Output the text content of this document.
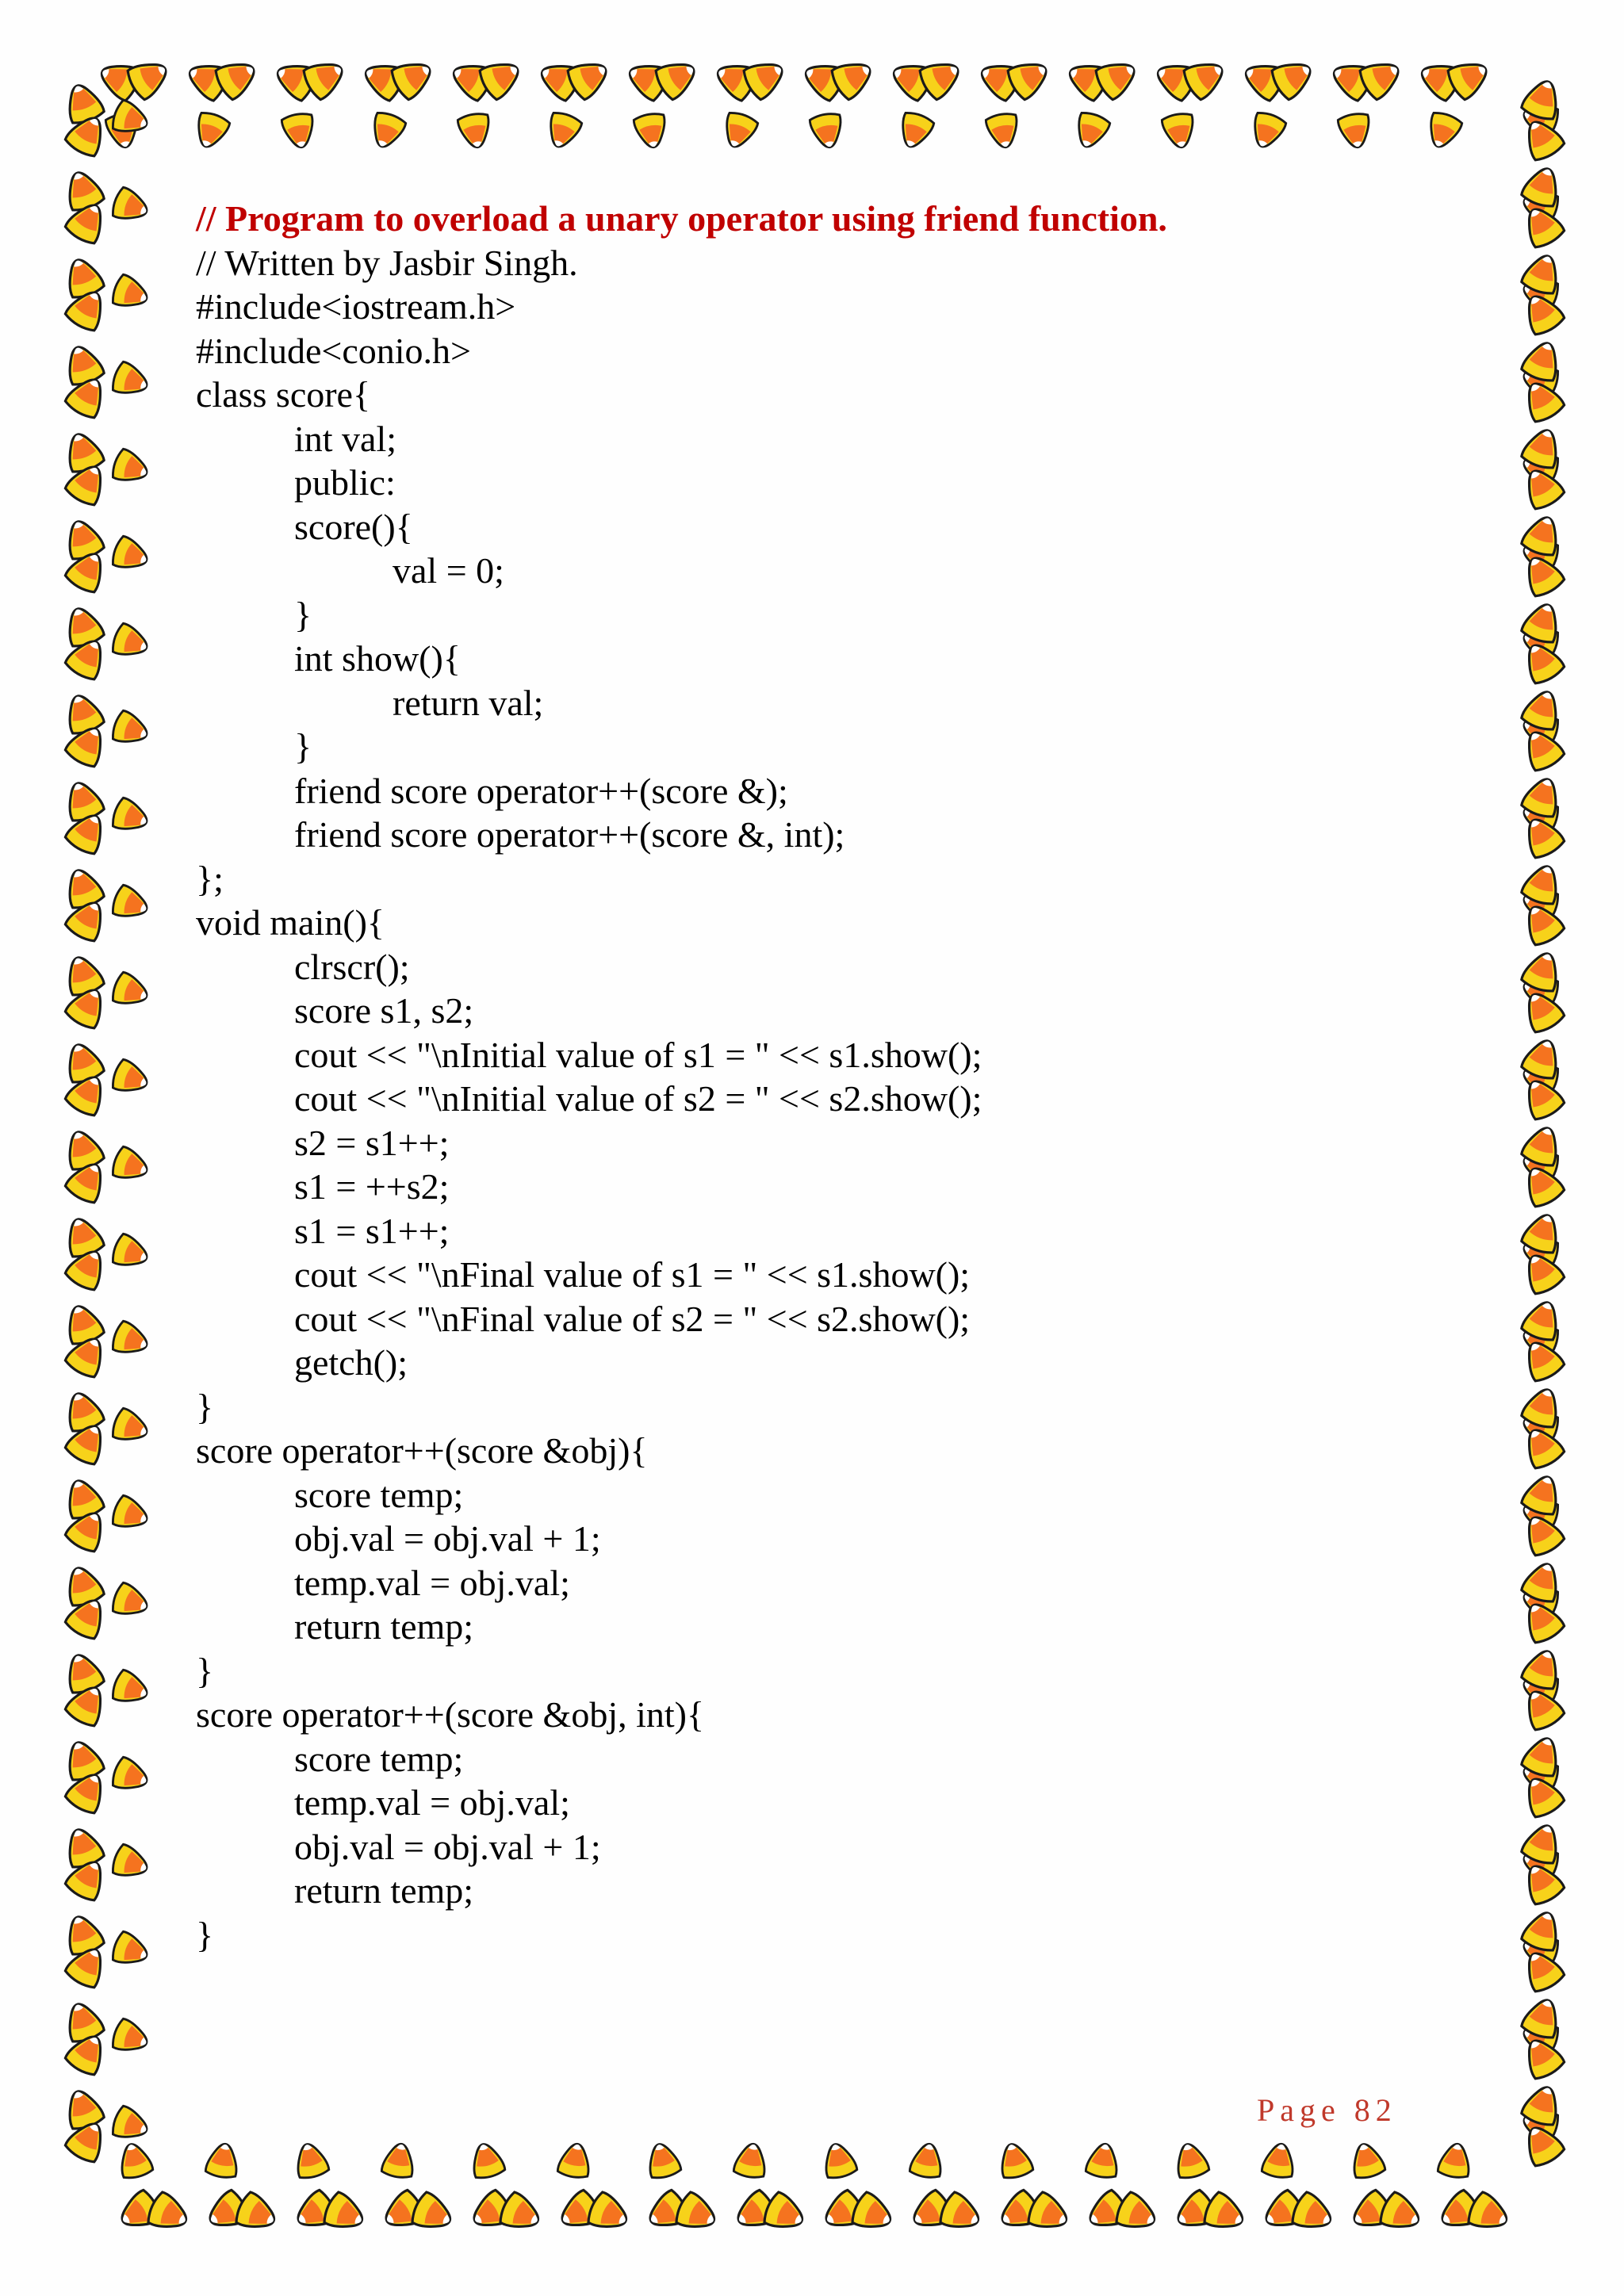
// Program to overload a unary operator using friend function.
// Written by Jasbir Singh.
#include<iostream.h>
#include<conio.h>
class score{
int val;
public:
score(){
val = 0;
}
int show(){
return val;
}
friend score operator++(score &);
friend score operator++(score &, int);
};
void main(){
clrscr();
score s1, s2;
cout << "\nInitial value of s1 = " << s1.show();
cout << "\nInitial value of s2 = " << s2.show();
s2 = s1++;
s1 = ++s2;
s1 = s1++;
cout << "\nFinal value of s1 = " << s1.show();
cout << "\nFinal value of s2 = " << s2.show();
getch();
}
score operator++(score &obj){
score temp;
obj.val = obj.val + 1;
temp.val = obj.val;
return temp;
}
score operator++(score &obj, int){
score temp;
temp.val = obj.val;
obj.val = obj.val + 1;
return temp;
}
Page 82
